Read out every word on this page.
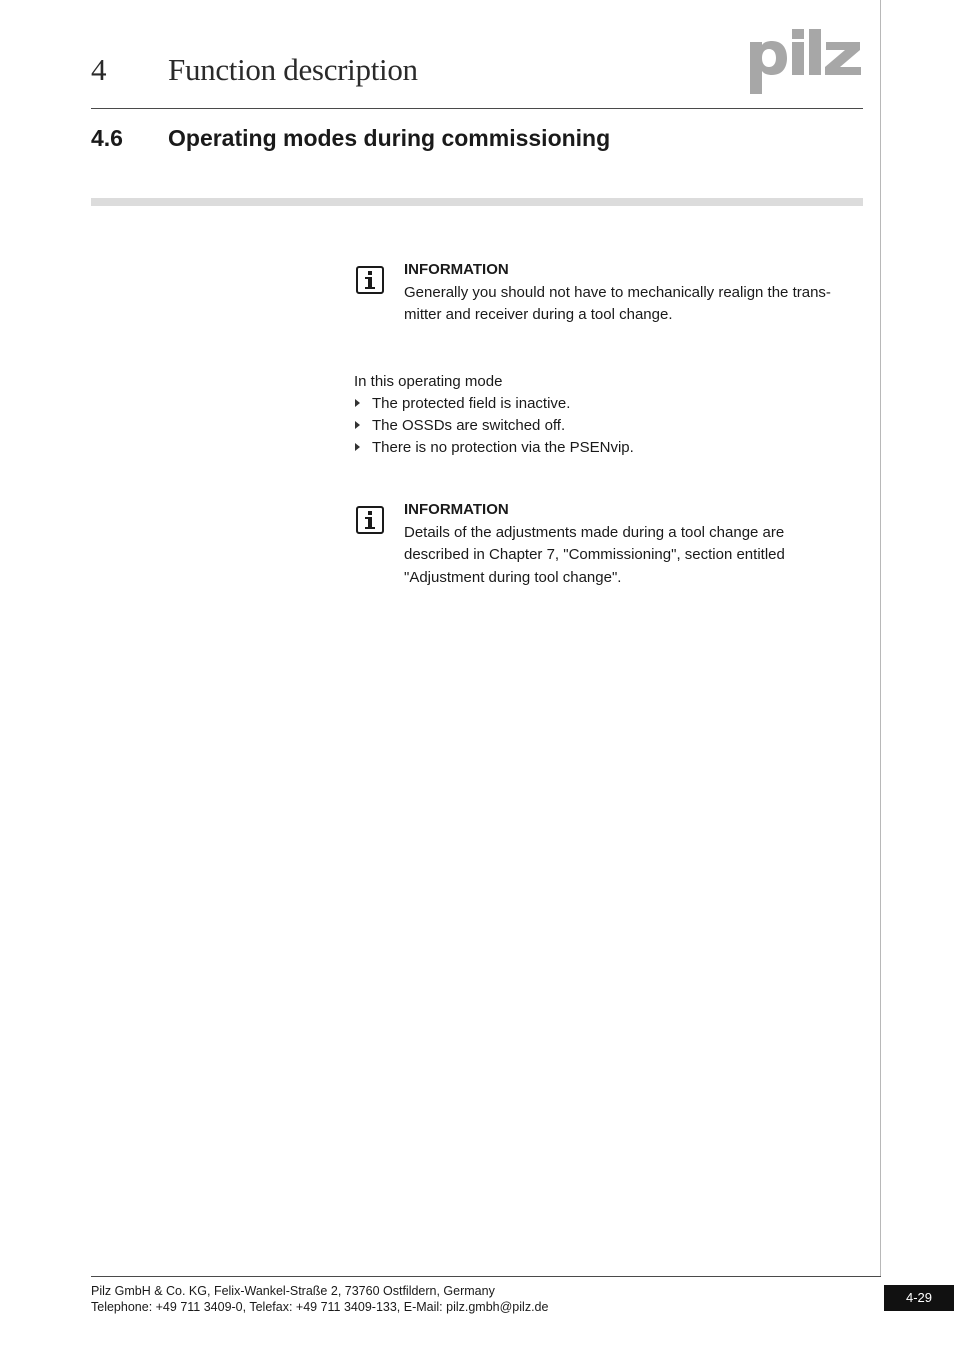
4 Function description
4.6 Operating modes during commissioning
INFORMATION
Generally you should not have to mechanically realign the trans-
mitter and receiver during a tool change.
In this operating mode
The protected field is inactive.
The OSSDs are switched off.
There is no protection via the PSENvip.
INFORMATION
Details of the adjustments made during a tool change are
described in Chapter 7, "Commissioning", section entitled
"Adjustment during tool change".
Pilz GmbH & Co. KG, Felix-Wankel-Straße 2, 73760 Ostfildern, Germany
Telephone: +49 711 3409-0, Telefax: +49 711 3409-133, E-Mail: pilz.gmbh@pilz.de
4-29
